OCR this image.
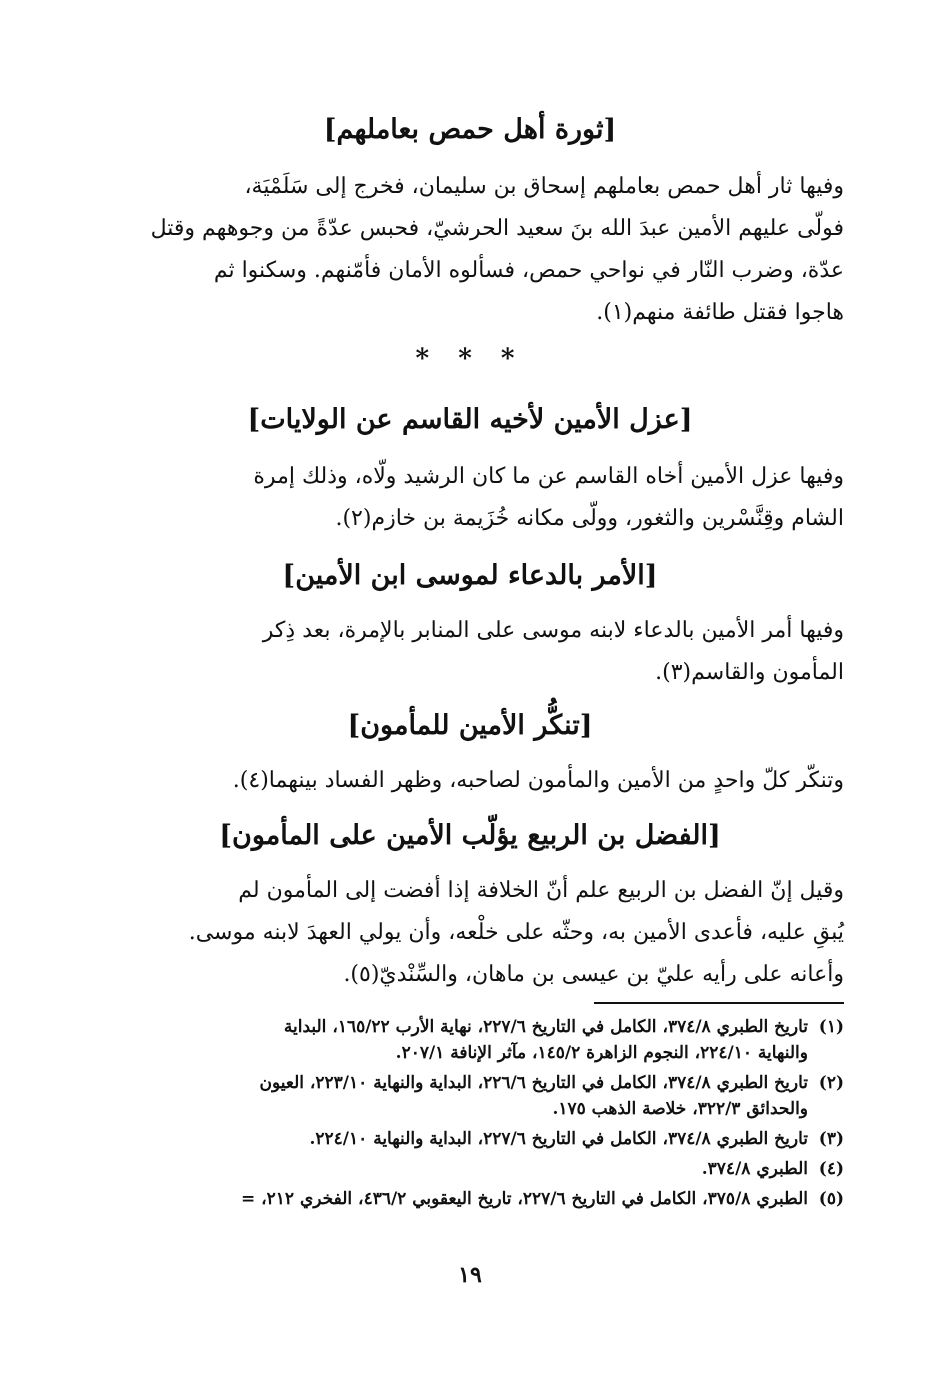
[ثورة أهل حمص بعاملهم]
وفيها ثار أهل حمص بعاملهم إسحاق بن سليمان، فخرج إلى سَلَمْيَة،
فولّى عليهم الأمين عبدَ الله بنَ سعيد الحرشيّ، فحبس عدّةً من وجوههم وقتل
عدّة، وضرب النّار في نواحي حمص، فسألوه الأمان فأمّنهم. وسكنوا ثم
هاجوا فقتل طائفة منهم(١).
* * *
[عزل الأمين لأخيه القاسم عن الولايات]
وفيها عزل الأمين أخاه القاسم عن ما كان الرشيد ولّاه، وذلك إمرة
الشام وقِنَّسْرين والثغور، وولّى مكانه خُزَيمة بن خازم(٢).
[الأمر بالدعاء لموسى ابن الأمين]
وفيها أمر الأمين بالدعاء لابنه موسى على المنابر بالإمرة، بعد ذِكر
المأمون والقاسم(٣).
[تنكُّر الأمين للمأمون]
وتنكّر كلّ واحدٍ من الأمين والمأمون لصاحبه، وظهر الفساد بينهما(٤).
[الفضل بن الربيع يؤلّب الأمين على المأمون]
وقيل إنّ الفضل بن الربيع علم أنّ الخلافة إذا أفضت إلى المأمون لم
يُبقِ عليه، فأعدى الأمين به، وحثّه على خلْعه، وأن يولي العهدَ لابنه موسى.
وأعانه على رأيه عليّ بن عيسى بن ماهان، والسِّنْديّ(٥).
(١)
تاريخ الطبري ٣٧٤/٨، الكامل في التاريخ ٢٢٧/٦، نهاية الأرب ١٦٥/٢٢، البداية
والنهاية ٢٢٤/١٠، النجوم الزاهرة ١٤٥/٢، مآثر الإنافة ٢٠٧/١.
(٢)
تاريخ الطبري ٣٧٤/٨، الكامل في التاريخ ٢٢٦/٦، البداية والنهاية ٢٢٣/١٠، العيون
والحدائق ٣٢٢/٣، خلاصة الذهب ١٧٥.
(٣)
تاريخ الطبري ٣٧٤/٨، الكامل في التاريخ ٢٢٧/٦، البداية والنهاية ٢٢٤/١٠.
(٤)
الطبري ٣٧٤/٨.
(٥)
الطبري ٣٧٥/٨، الكامل في التاريخ ٢٢٧/٦، تاريخ اليعقوبي ٤٣٦/٢، الفخري ٢١٢، =
١٩
